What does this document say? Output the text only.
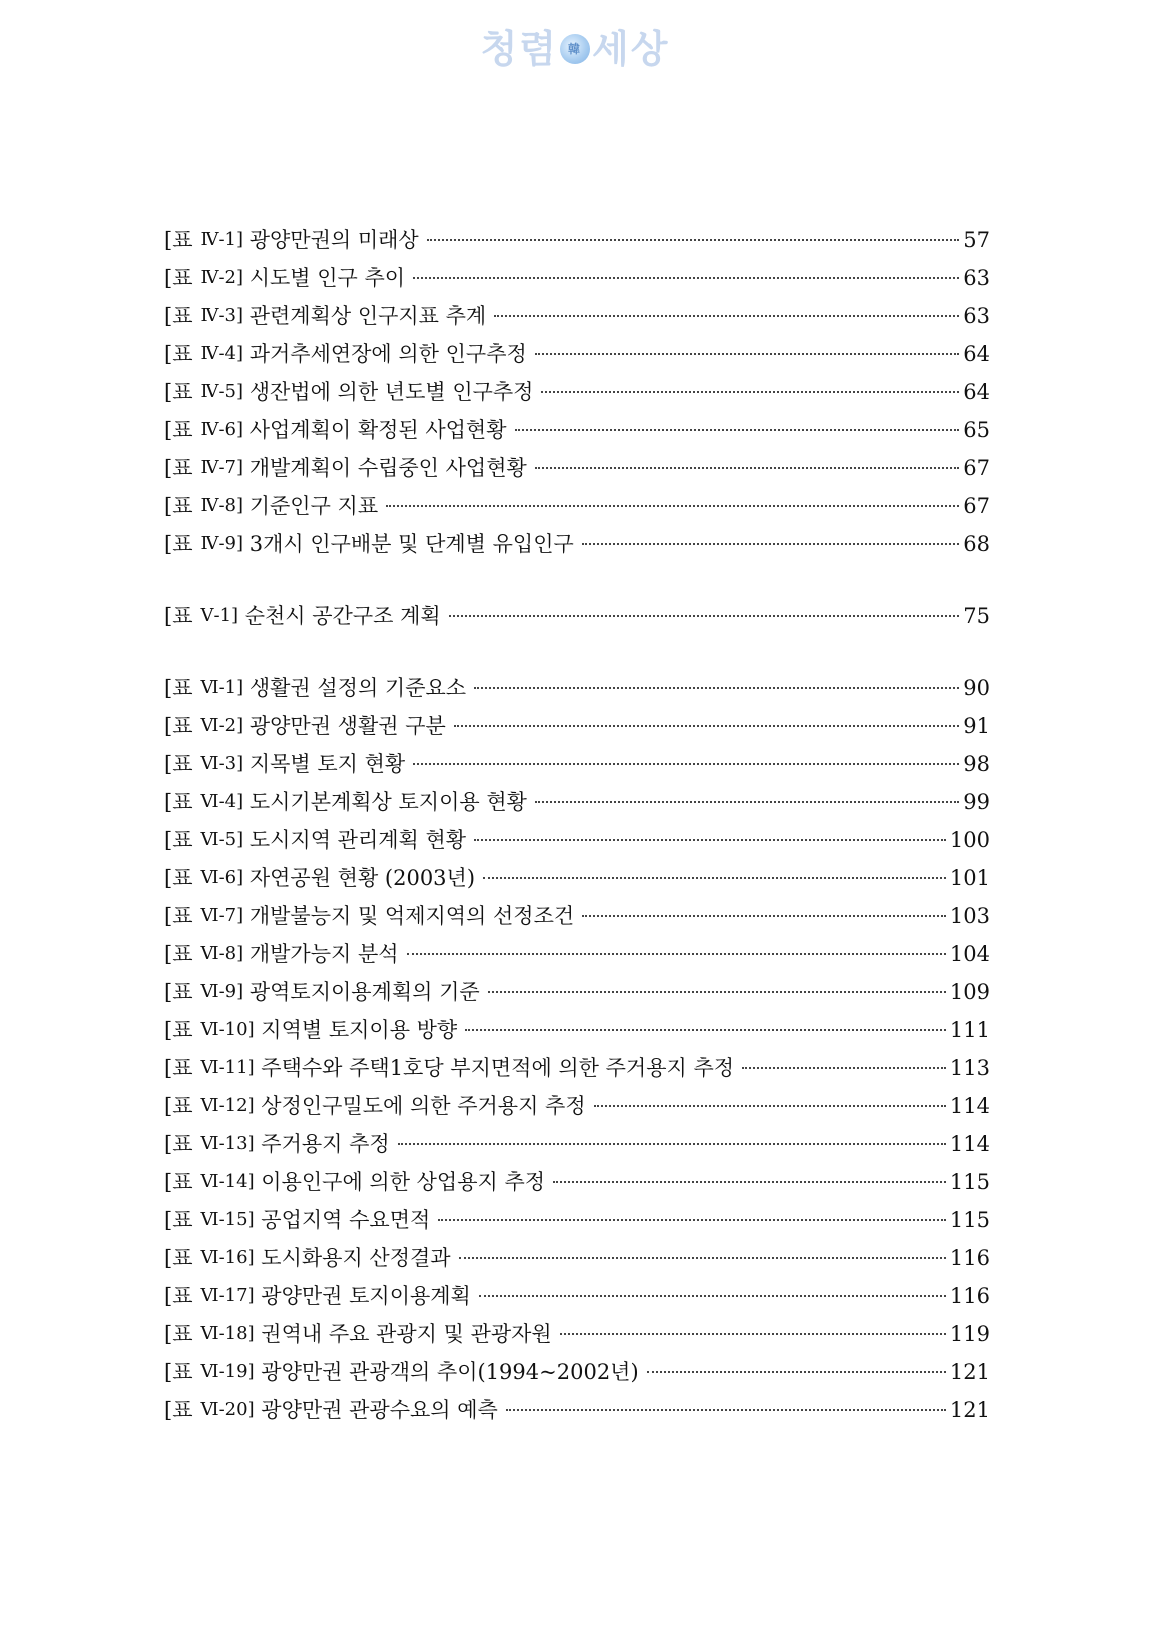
청렴 韓 세상
[표 Ⅳ-1] 광양만권의 미래상	57
[표 Ⅳ-2] 시도별 인구 추이	63
[표 Ⅳ-3] 관련계획상 인구지표 추계	63
[표 Ⅳ-4] 과거추세연장에 의한 인구추정	64
[표 Ⅳ-5] 생잔법에 의한 년도별 인구추정	64
[표 Ⅳ-6] 사업계획이 확정된 사업현황	65
[표 Ⅳ-7] 개발계획이 수립중인 사업현황	67
[표 Ⅳ-8] 기준인구 지표	67
[표 Ⅳ-9] 3개시 인구배분 및 단계별 유입인구	68
[표 Ⅴ-1] 순천시 공간구조 계획	75
[표 Ⅵ-1] 생활권 설정의 기준요소	90
[표 Ⅵ-2] 광양만권 생활권 구분	91
[표 Ⅵ-3] 지목별 토지 현황	98
[표 Ⅵ-4] 도시기본계획상 토지이용 현황	99
[표 Ⅵ-5] 도시지역 관리계획 현황	100
[표 Ⅵ-6] 자연공원 현황 (2003년)	101
[표 Ⅵ-7] 개발불능지 및 억제지역의 선정조건	103
[표 Ⅵ-8] 개발가능지 분석	104
[표 Ⅵ-9] 광역토지이용계획의 기준	109
[표 Ⅵ-10] 지역별 토지이용 방향	111
[표 Ⅵ-11] 주택수와 주택1호당 부지면적에 의한 주거용지 추정	113
[표 Ⅵ-12] 상정인구밀도에 의한 주거용지 추정	114
[표 Ⅵ-13] 주거용지 추정	114
[표 Ⅵ-14] 이용인구에 의한 상업용지 추정	115
[표 Ⅵ-15] 공업지역 수요면적	115
[표 Ⅵ-16] 도시화용지 산정결과	116
[표 Ⅵ-17] 광양만권 토지이용계획	116
[표 Ⅵ-18] 권역내 주요 관광지 및 관광자원	119
[표 Ⅵ-19] 광양만권 관광객의 추이(1994~2002년)	121
[표 Ⅵ-20] 광양만권 관광수요의 예측	121
